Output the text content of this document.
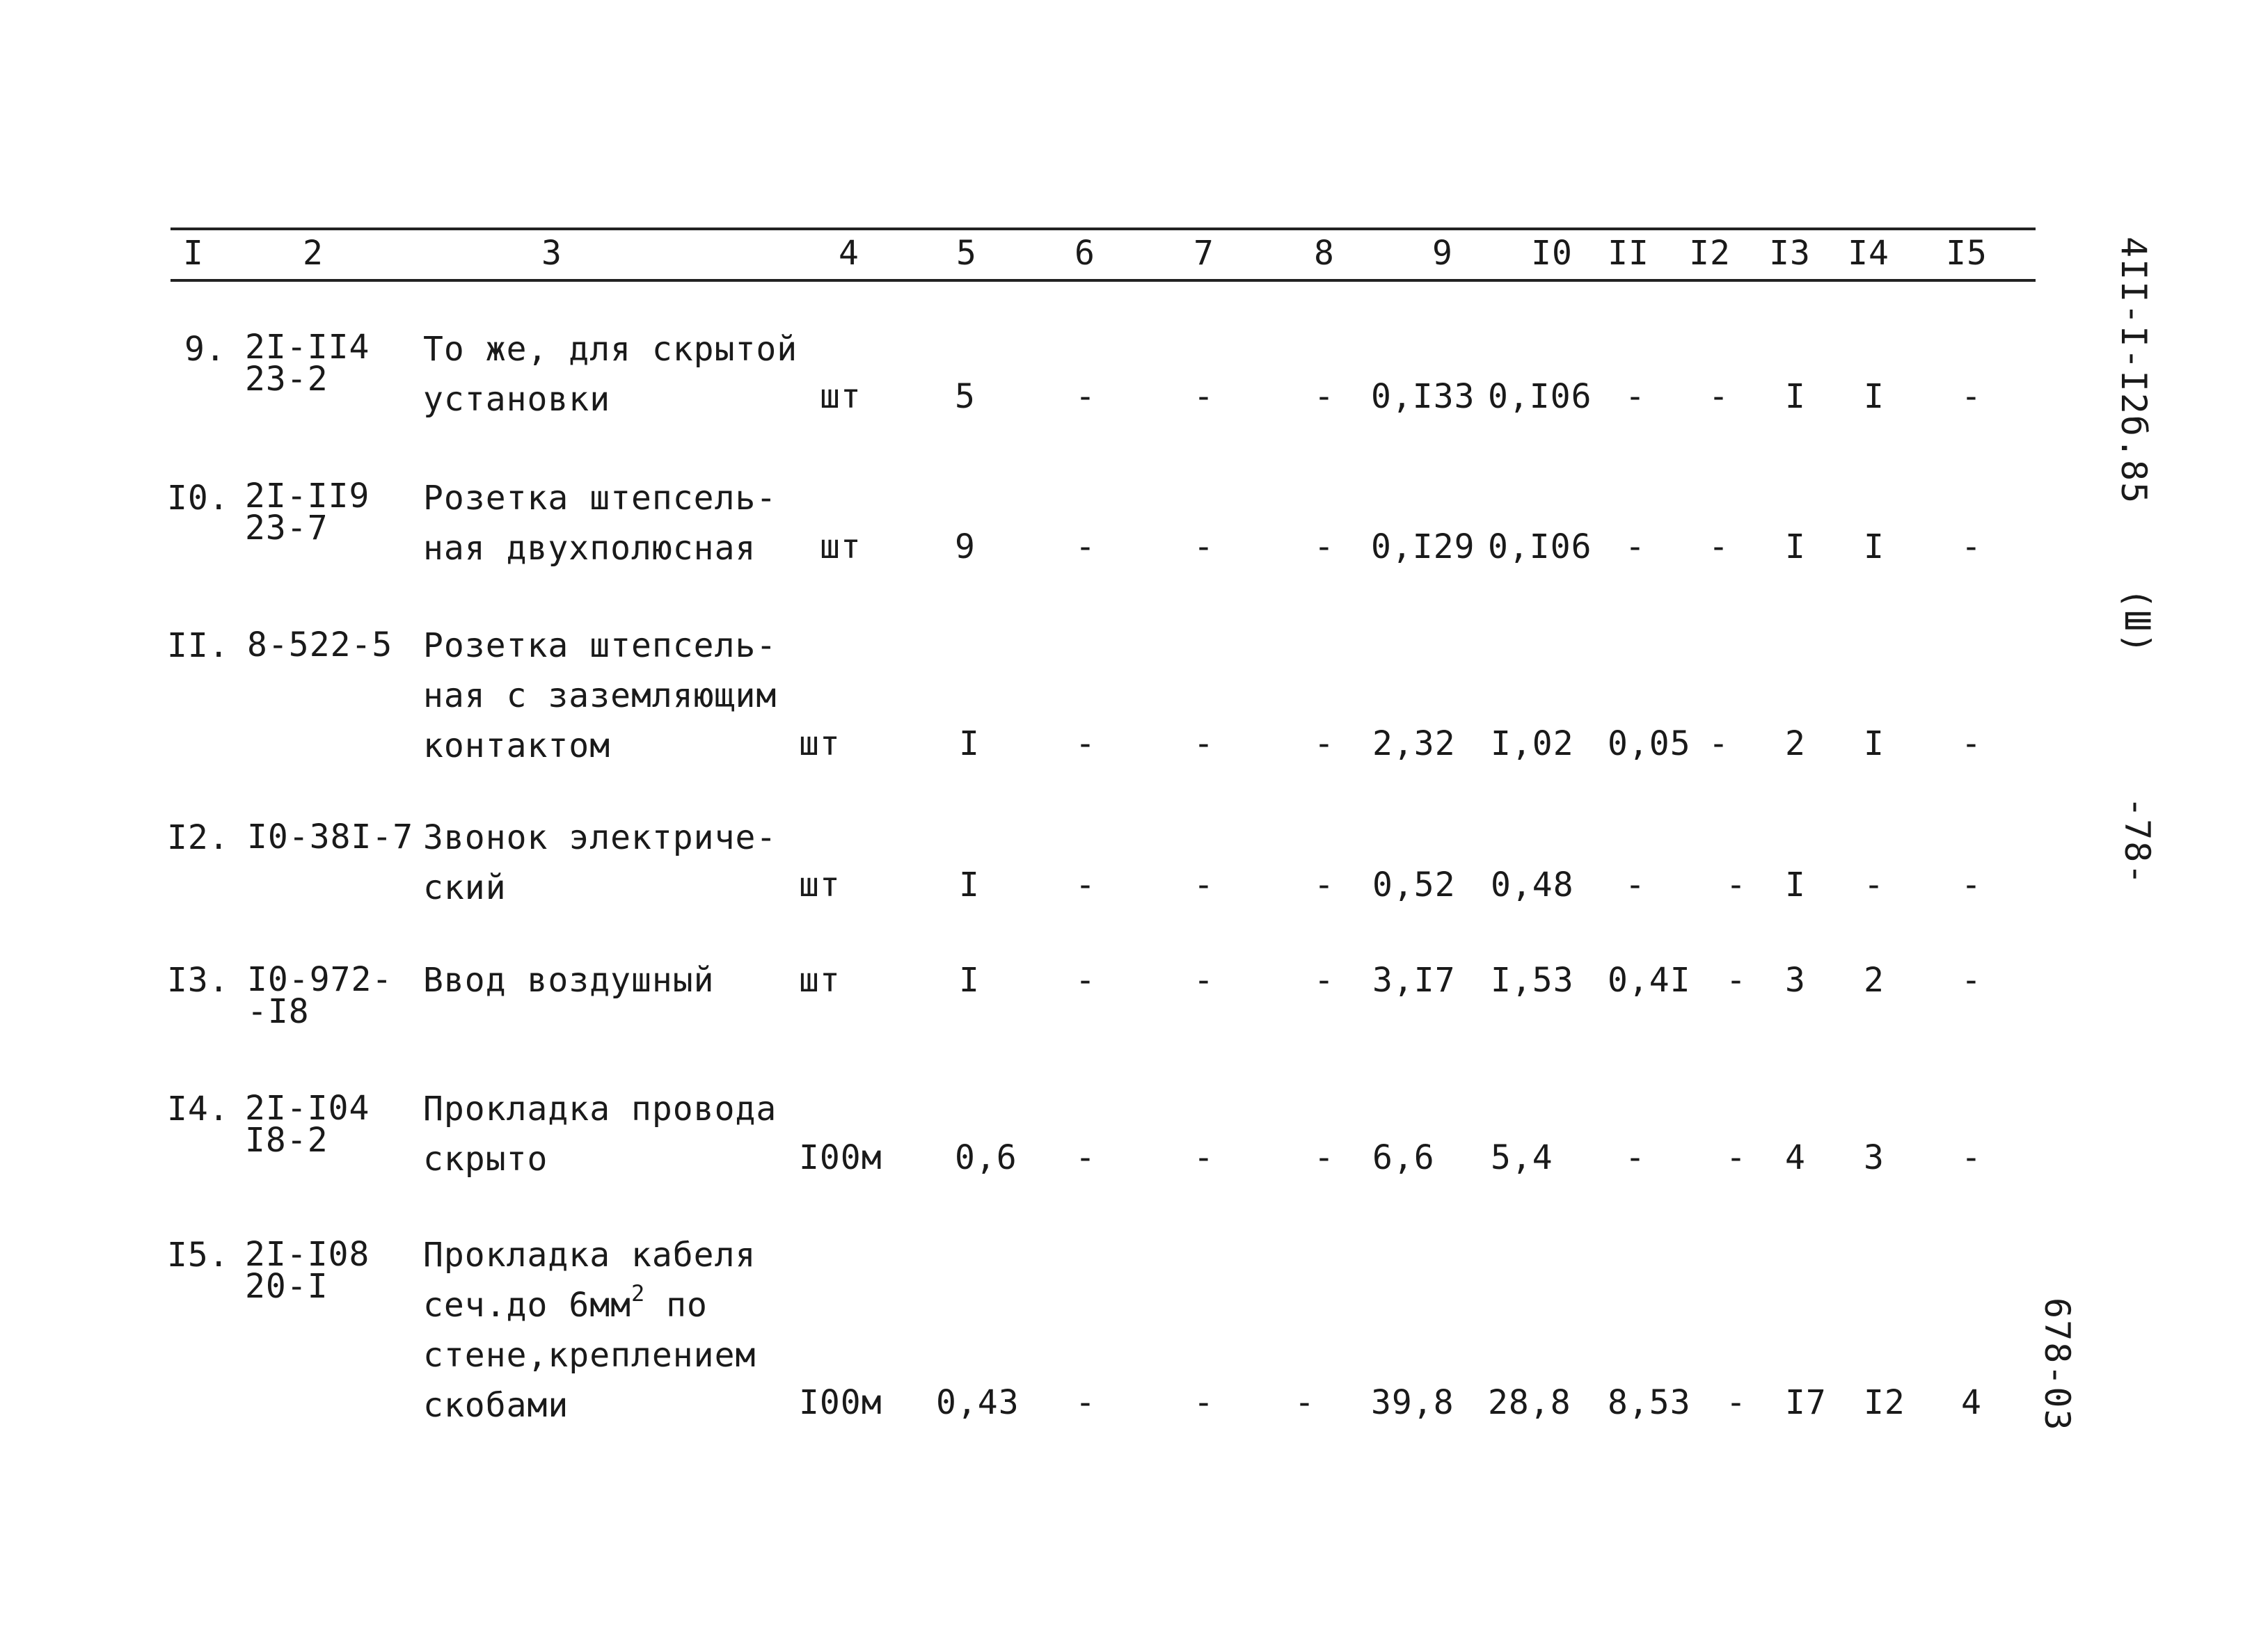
I	2	3	4	5	6	7	8	9	I0	II	I2	I3	I4	I5
9. 2I-II4
23-2
То же, для скрытой
установки	шт	5	-	-	- 0,I33 0,I06 - - I I -
I0. 2I-II9
23-7
Розетка штепсель-
ная двухполюсная	шт	9	-	-	- 0,I29 0,I06 - - I I -
II. 8-522-5 Розетка штепсель-
ная с заземляющим
контактом	шт	I	-	-	- 2,32 I,02 0,05 - 2 I -
I2. I0-38I-7 Звонок электриче-
ский	шт	I	-	-	- 0,52 0,48 - - I - -
I3. I0-972-
-I8
Ввод воздушный	шт	I	-	-	- 3,I7 I,53 0,4I - 3 2 -
I4. 2I-I04
I8-2
Прокладка провода
скрыто	I00м 0,6 -	-	- 6,6 5,4 - - 4 3 -
I5. 2I-I08
20-I
Прокладка кабеля
сеч.до $6мм^2$ по
стене,креплением
скобами	I00м 0,43 -	- - 39,8 28,8 8,53 - I7 I2 4
4II-I-I2б.85
(Ш)
-78-
678-03
